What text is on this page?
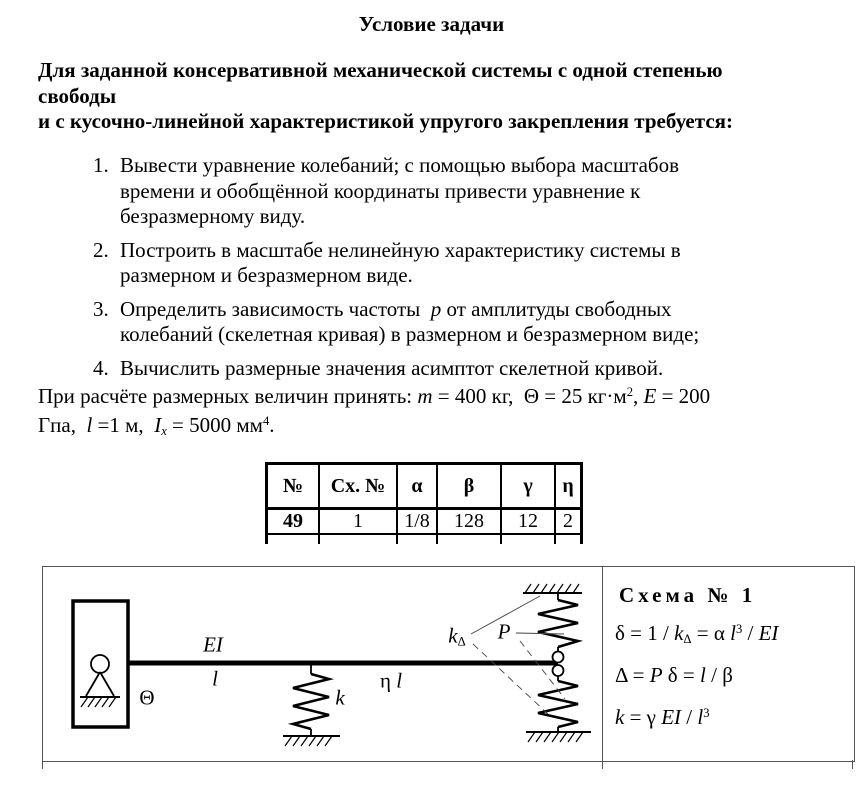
Условие задачи
Для заданной консервативной механической системы с одной степенью
свободы
и с кусочно-линейной характеристикой упругого закрепления требуется:
1. Вывести уравнение колебаний; с помощью выбора масштабов
времени и обобщённой координаты привести уравнение к
безразмерному виду.
2. Построить в масштабе нелинейную характеристику системы в
размерном и безразмерном виде.
3. Определить зависимость частоты  p от амплитуды свободных
колебаний (скелетная кривая) в размерном и безразмерном виде;
4. Вычислить размерные значения асимптот скелетной кривой.
При расчёте размерных величин принять: m = 400 кг,  Θ = 25 $кг\cdot м^2$, E = 200
Гпа,  l =1 м,  Ix = 5000 $мм^4$.
№	Сх. №	α	β	γ	η
49	1	1/8	128	12	2

EI
l
Θ	k
η l
kΔ P
Схема № 1
δ = 1 / kΔ = α $l^3$ / EI
Δ = P δ = l / β
k = γ EI / $l^3$
